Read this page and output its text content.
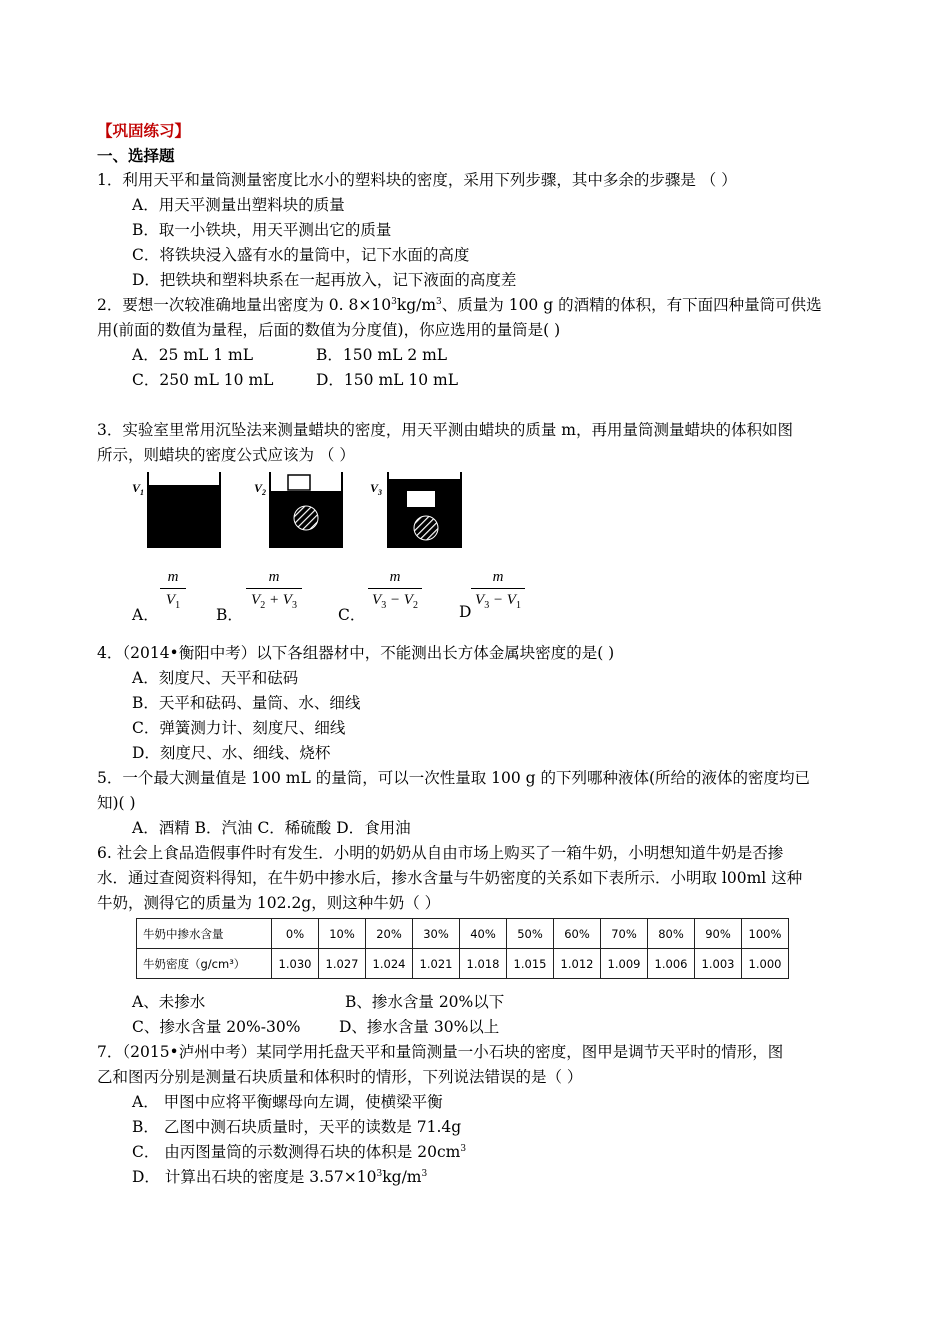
【巩固练习】
一、选择题
1．利用天平和量筒测量密度比水小的塑料块的密度，采用下列步骤，其中多余的步骤是 （ ）
A．用天平测量出塑料块的质量
B．取一小铁块，用天平测出它的质量
C．将铁块浸入盛有水的量筒中，记下水面的高度
D．把铁块和塑料块系在一起再放入，记下液面的高度差
2．要想一次较准确地量出密度为 0. $8\times 10^3kg/m^3$、质量为 100 g 的酒精的体积，有下面四种量筒可供选
用(前面的数值为量程，后面的数值为分度值)，你应选用的量筒是( )
A．25 mL 1 mL	B．150 mL 2 mL
C．250 mL 10 mL	D．150 mL 10 mL
3．实验室里常用沉坠法来测量蜡块的密度，用天平测由蜡块的质量 m，再用量筒测量蜡块的体积如图
所示，则蜡块的密度公式应该为 （ ）
$V_1$	$V_2$	$V_3$
A．
m
$V_1$
B．
m
$V_2 + V_3$
C．
m
$V_3 - V_2$	D
m
$V_3 - V_1$
4．（2014•衡阳中考）以下各组器材中，不能测出长方体金属块密度的是( )
A．刻度尺、天平和砝码
B．天平和砝码、量筒、水、细线
C．弹簧测力计、刻度尺、细线
D．刻度尺、水、细线、烧杯
5．一个最大测量值是 100 mL 的量筒，可以一次性量取 100 g 的下列哪种液体(所给的液体的密度均已
知)( )
A．酒精 B．汽油 C．稀硫酸 D．食用油
6. 社会上食品造假事件时有发生．小明的奶奶从自由市场上购买了一箱牛奶，小明想知道牛奶是否掺
水．通过查阅资料得知，在牛奶中掺水后，掺水含量与牛奶密度的关系如下表所示．小明取 l00ml 这种
牛奶，测得它的质量为 102.2g，则这种牛奶（ ）
牛奶中掺水含量	0%	10%	20%	30%	40%	50%	60%	70%	80%	90%	100%
牛奶密度（g/cm³）	1.030	1.027	1.024	1.021	1.018	1.015	1.012	1.009	1.006	1.003	1.000
A、未掺水	B、掺水含量 20%以下
C、掺水含量 20%-30% D、掺水含量 30%以上
7．（2015•泸州中考）某同学用托盘天平和量筒测量一小石块的密度，图甲是调节天平时的情形，图
乙和图丙分别是测量石块质量和体积时的情形，下列说法错误的是（ ）
A． 甲图中应将平衡螺母向左调，使横梁平衡
B． 乙图中测石块质量时，天平的读数是 71.4g
C． 由丙图量筒的示数测得石块的体积是 $20cm^3$
D． 计算出石块的密度是 $3.57\times 10^3kg/m^3$
